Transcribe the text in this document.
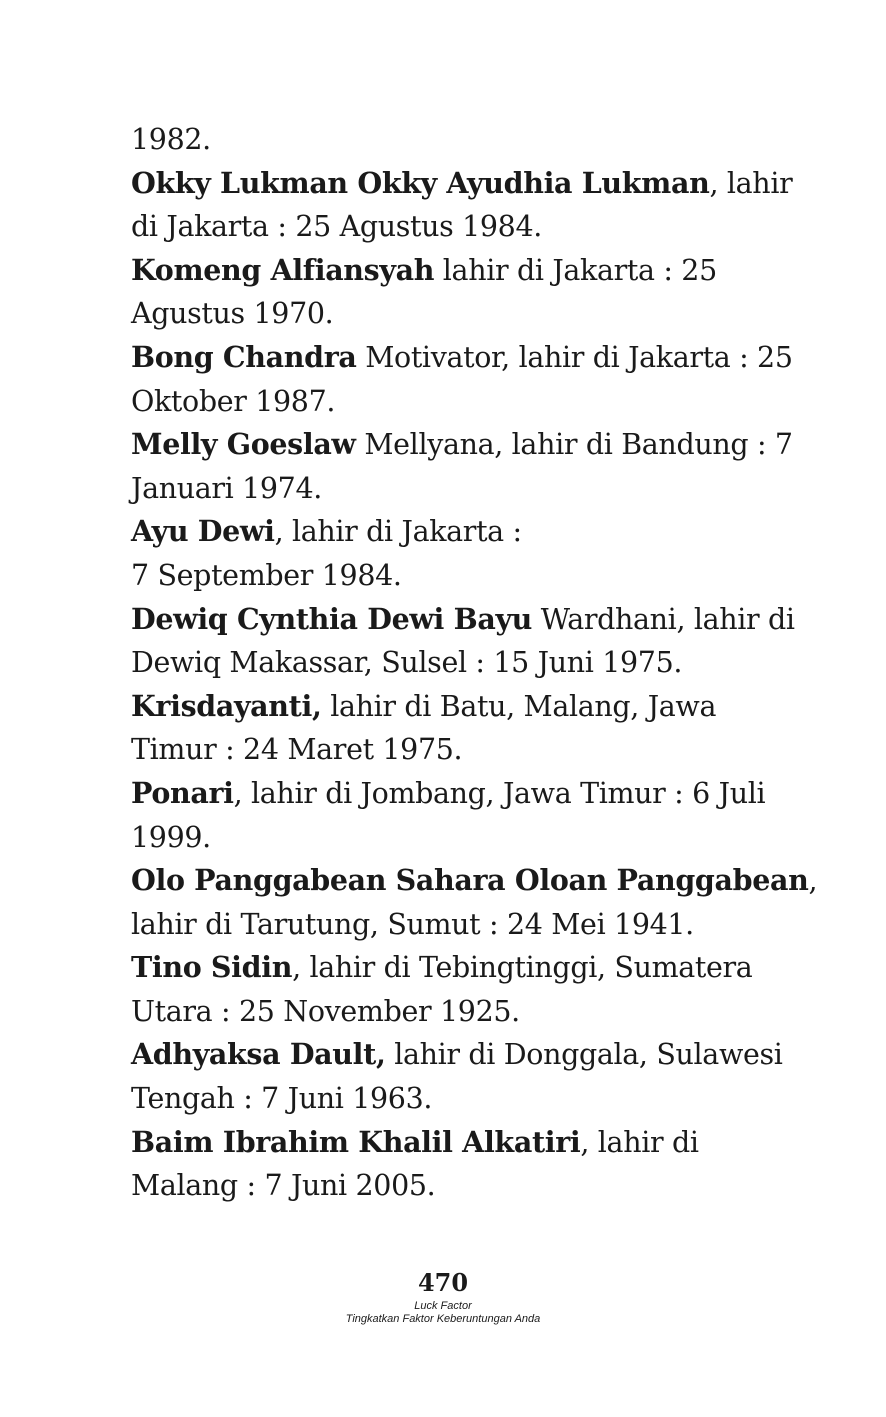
1982.
Okky Lukman Okky Ayudhia Lukman, lahir
di Jakarta : 25 Agustus 1984.
Komeng Alfiansyah lahir di Jakarta : 25
Agustus 1970.
Bong Chandra Motivator, lahir di Jakarta : 25
Oktober 1987.
Melly Goeslaw Mellyana, lahir di Bandung : 7
Januari 1974.
Ayu Dewi, lahir di Jakarta :
7 September 1984.
Dewiq Cynthia Dewi Bayu Wardhani, lahir di
Dewiq Makassar, Sulsel : 15 Juni 1975.
Krisdayanti, lahir di Batu, Malang, Jawa
Timur : 24 Maret 1975.
Ponari, lahir di Jombang, Jawa Timur : 6 Juli
1999.
Olo Panggabean Sahara Oloan Panggabean,
lahir di Tarutung, Sumut : 24 Mei 1941.
Tino Sidin, lahir di Tebingtinggi, Sumatera
Utara : 25 November 1925.
Adhyaksa Dault, lahir di Donggala, Sulawesi
Tengah : 7 Juni 1963.
Baim Ibrahim Khalil Alkatiri, lahir di
Malang : 7 Juni 2005.
470
Luck Factor
Tingkatkan Faktor Keberuntungan Anda
